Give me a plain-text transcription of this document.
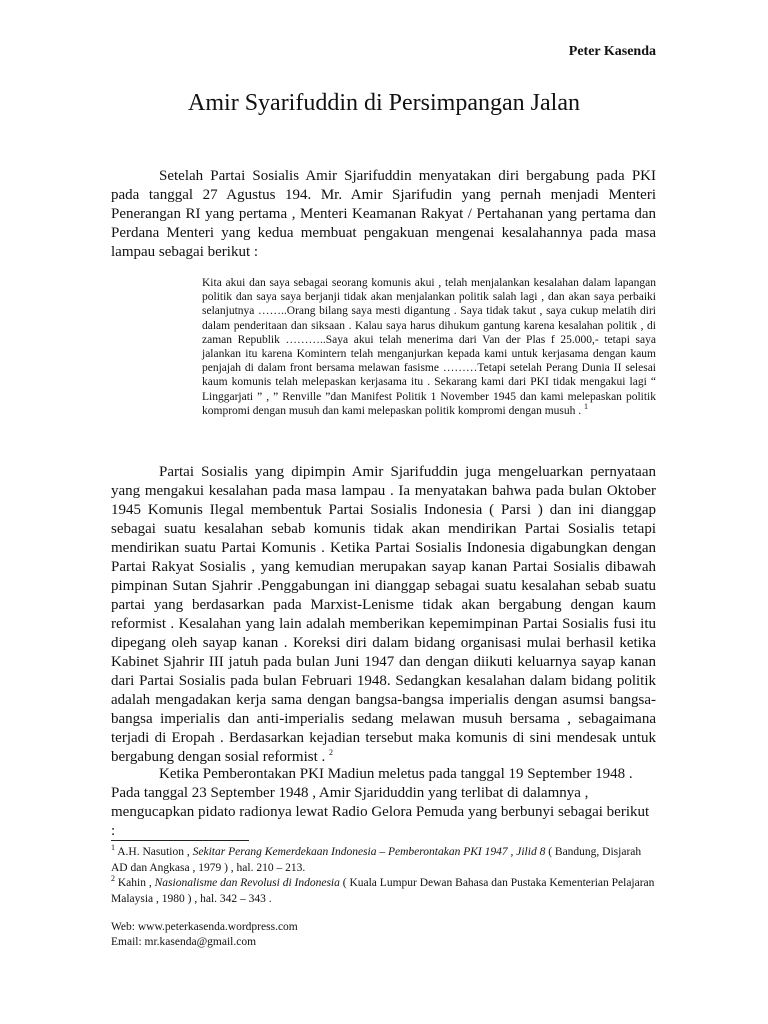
Peter Kasenda
Amir Syarifuddin di Persimpangan Jalan

Setelah Partai Sosialis Amir Sjarifuddin menyatakan diri bergabung pada PKI pada tanggal 27 Agustus 194. Mr. Amir Sjarifudin yang pernah menjadi Menteri Penerangan RI yang pertama , Menteri Keamanan Rakyat / Pertahanan yang pertama dan Perdana Menteri yang kedua membuat pengakuan mengenai kesalahannya pada masa lampau sebagai berikut :

Kita akui dan saya sebagai seorang komunis akui , telah menjalankan kesalahan dalam lapangan politik dan saya saya berjanji tidak akan menjalankan politik salah lagi , dan akan saya perbaiki selanjutnya ……..Orang bilang saya mesti digantung . Saya tidak takut , saya cukup melatih diri dalam penderitaan dan siksaan . Kalau saya harus dihukum gantung karena kesalahan politik , di zaman Republik ………..Saya akui telah menerima dari Van der Plas f 25.000,- tetapi saya jalankan itu karena Komintern telah menganjurkan kepada kami untuk kerjasama dengan kaum penjajah di dalam front bersama melawan fasisme ………Tetapi setelah Perang Dunia II selesai kaum komunis telah melepaskan kerjasama itu . Sekarang kami dari PKI tidak mengakui lagi “ Linggarjati ” , ” Renville ”dan Manifest Politik 1 November 1945 dan kami melepaskan politik kompromi dengan musuh dan kami melepaskan politik kompromi dengan musuh . $^1$

Partai Sosialis yang dipimpin Amir Sjarifuddin juga mengeluarkan pernyataan yang mengakui kesalahan pada masa lampau . Ia menyatakan bahwa pada bulan Oktober 1945 Komunis Ilegal membentuk Partai Sosialis Indonesia ( Parsi ) dan ini dianggap sebagai suatu kesalahan sebab komunis tidak akan mendirikan Partai Sosialis tetapi mendirikan suatu Partai Komunis . Ketika Partai Sosialis Indonesia digabungkan dengan Partai Rakyat Sosialis , yang kemudian merupakan sayap kanan Partai Sosialis dibawah pimpinan Sutan Sjahrir .Penggabungan ini dianggap sebagai suatu kesalahan sebab suatu partai yang berdasarkan pada Marxist-Lenisme tidak akan bergabung dengan kaum reformist . Kesalahan yang lain adalah memberikan kepemimpinan Partai Sosialis fusi itu dipegang oleh sayap kanan . Koreksi diri dalam bidang organisasi mulai berhasil ketika Kabinet Sjahrir III jatuh pada bulan Juni 1947 dan dengan diikuti keluarnya sayap kanan dari Partai Sosialis pada bulan Februari 1948. Sedangkan kesalahan dalam bidang politik adalah mengadakan kerja sama dengan bangsa-bangsa imperialis dengan asumsi bangsa-bangsa imperialis dan anti-imperialis sedang melawan musuh bersama , sebagaimana terjadi di Eropah . Berdasarkan kejadian tersebut maka komunis di sini mendesak untuk bergabung dengan sosial reformist . $^2$

Ketika Pemberontakan PKI Madiun meletus pada tanggal 19 September 1948 . Pada tanggal 23 September 1948 , Amir Sjariduddin yang terlibat di dalamnya , mengucapkan pidato radionya lewat Radio Gelora Pemuda yang berbunyi sebagai berikut :

$^1$ A.H. Nasution , Sekitar Perang Kemerdekaan Indonesia – Pemberontakan PKI 1947 , Jilid 8 ( Bandung, Disjarah AD dan Angkasa , 1979 ) , hal. 210 – 213.

$^2$ Kahin , Nasionalisme dan Revolusi di Indonesia ( Kuala Lumpur Dewan Bahasa dan Pustaka Kementerian Pelajaran Malaysia , 1980 ) , hal. 342 – 343 .

Web: www.peterkasenda.wordpress.com

Email: mr.kasenda@gmail.com
